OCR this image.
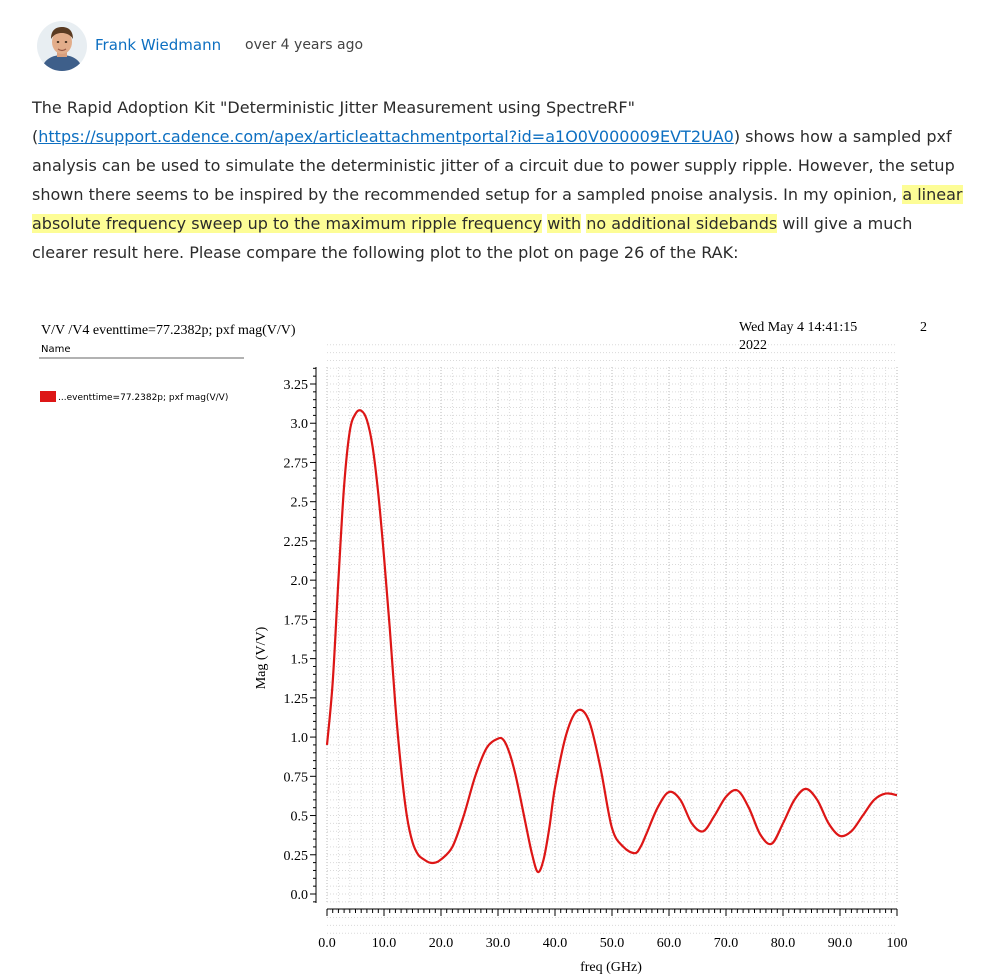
Frank Wiedmann over 4 years ago
The Rapid Adoption Kit "Deterministic Jitter Measurement using SpectreRF" (https://support.cadence.com/apex/articleattachmentportal?id=a1O0V000009EVT2UA0) shows how a sampled pxf analysis can be used to simulate the deterministic jitter of a circuit due to power supply ripple. However, the setup shown there seems to be inspired by the recommended setup for a sampled pnoise analysis. In my opinion, a linear absolute frequency sweep up to the maximum ripple frequency with no additional sidebands will give a much clearer result here. Please compare the following plot to the plot on page 26 of the RAK:
V/V /V4 eventtime=77.2382p; pxf mag(V/V)	Wed May 4 14:41:15
2022
2
Name
...eventtime=77.2382p; pxf mag(V/V)
0.0
0.25
0.5
0.75
1.0
1.25
1.5
1.75
2.0
2.25
2.5
2.75
3.0
3.25
0.0	10.0 20.0 30.0 40.0 50.0 60.0 70.0 80.0 90.0 100
freq (GHz)
Mag (V/V)
